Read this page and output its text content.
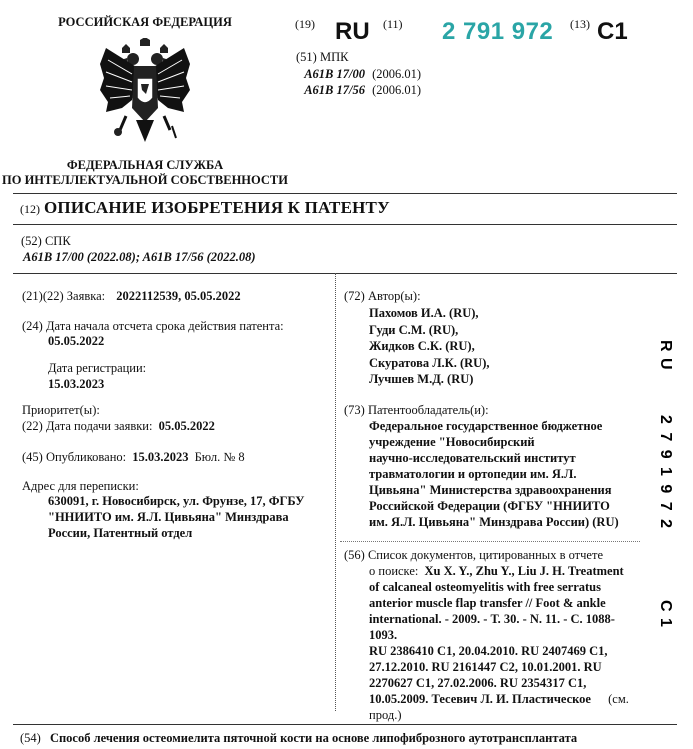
РОССИЙСКАЯ ФЕДЕРАЦИЯ
ФЕДЕРАЛЬНАЯ СЛУЖБА
ПО ИНТЕЛЛЕКТУАЛЬНОЙ СОБСТВЕННОСТИ
(19) RU (11) 2 791 972 (13) C1
(51) МПК
A61B 17/00 (2006.01)
A61B 17/56 (2006.01)
(12) ОПИСАНИЕ ИЗОБРЕТЕНИЯ К ПАТЕНТУ
(52) СПК
A61B 17/00 (2022.08); A61B 17/56 (2022.08)
(21)(22) Заявка: 2022112539, 05.05.2022
(24) Дата начала отсчета срока действия патента:
05.05.2022
Дата регистрации:
15.03.2023
Приоритет(ы):
(22) Дата подачи заявки: 05.05.2022
(45) Опубликовано: 15.03.2023 Бюл. № 8
Адрес для переписки:
630091, г. Новосибирск, ул. Фрунзе, 17, ФГБУ
"ННИИТО им. Я.Л. Цивьяна" Минздрава
России, Патентный отдел
(72) Автор(ы):
Пахомов И.А. (RU),
Гуди С.М. (RU),
Жидков С.К. (RU),
Скуратова Л.К. (RU),
Лучшев М.Д. (RU)
(73) Патентообладатель(и):
Федеральное государственное бюджетное
учреждение "Новосибирский
научно-исследовательский институт
травматологии и ортопедии им. Я.Л.
Цивьяна" Министерства здравоохранения
Российской Федерации (ФГБУ "ННИИТО
им. Я.Л. Цивьяна" Минздрава России) (RU)
(56) Список документов, цитированных в отчете
о поиске: Xu X. Y., Zhu Y., Liu J. H. Treatment
of calcaneal osteomyelitis with free serratus
anterior muscle flap transfer // Foot & ankle
international. - 2009. - Т. 30. - N. 11. - С. 1088-1093.
RU 2386410 C1, 20.04.2010. RU 2407469 C1,
27.12.2010. RU 2161447 C2, 10.01.2001. RU
2270627 C1, 27.02.2006. RU 2354317 C1,
10.05.2009. Тесевич Л. И. Пластическое (см.
прод.)
R U
2 7 9 1 9 7 2
C 1
(54) Способ лечения остеомиелита пяточной кости на основе липофиброзного аутотрансплантата
